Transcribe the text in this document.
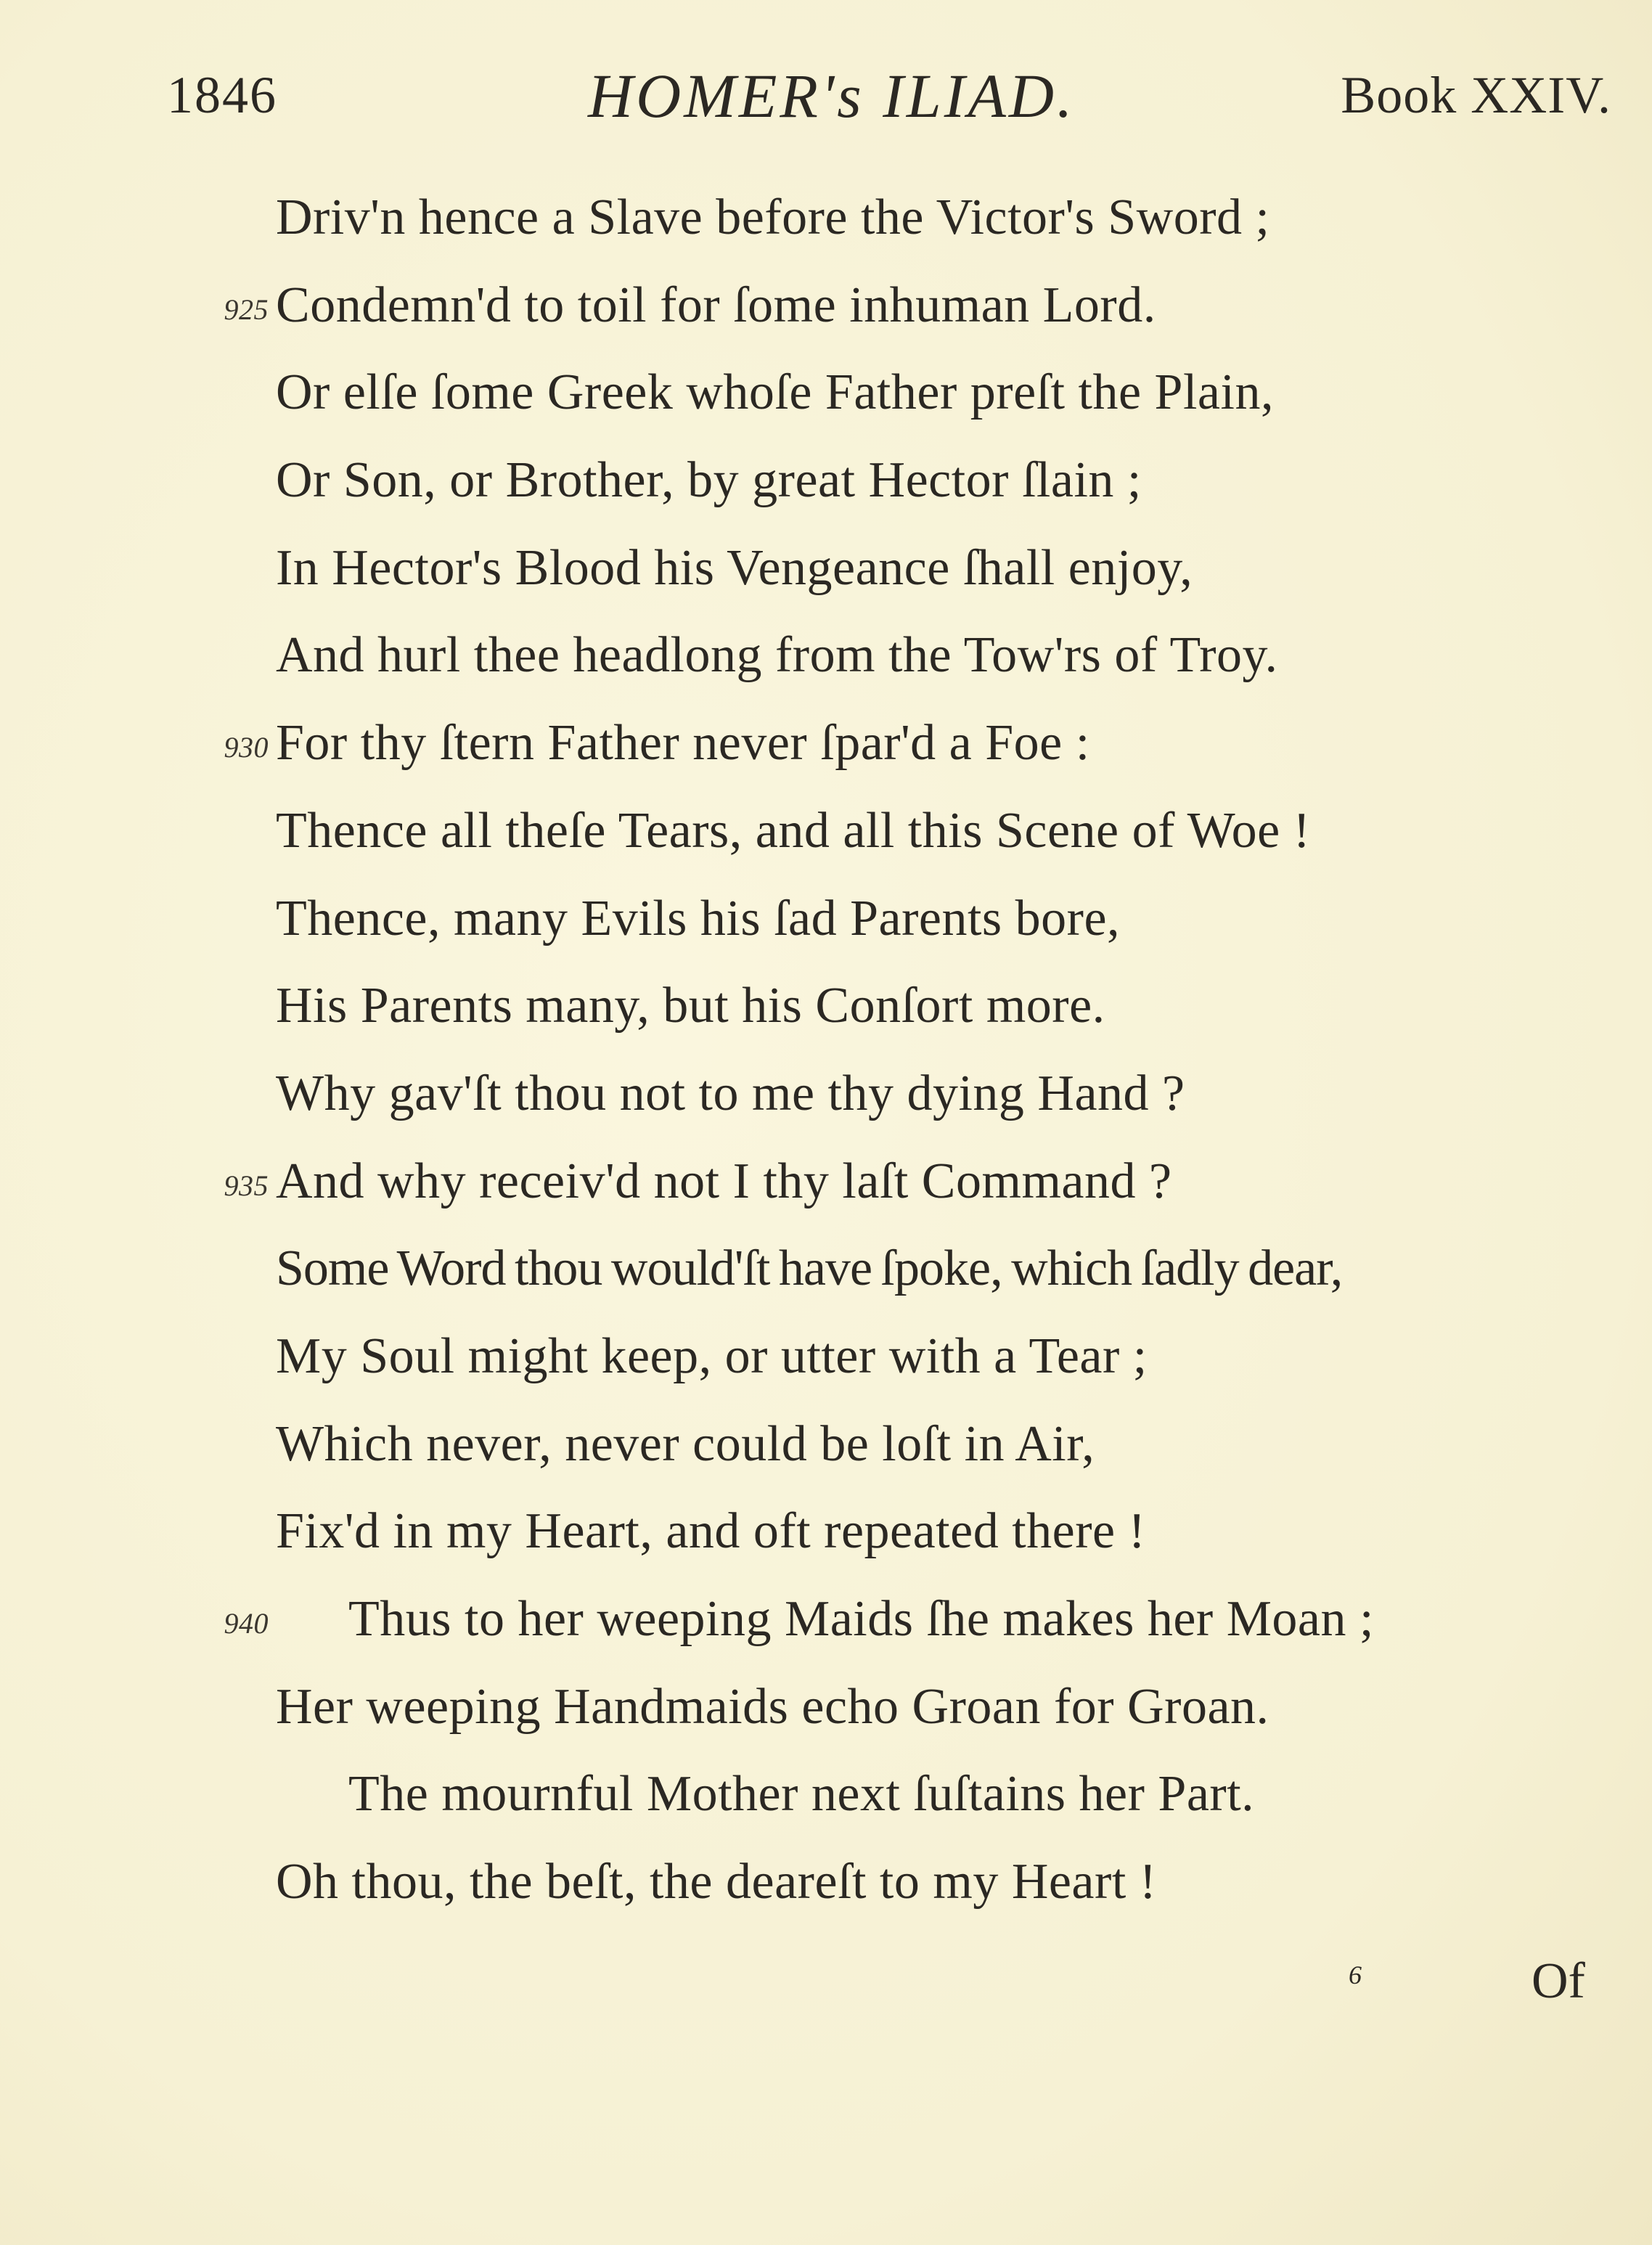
1846	HOMER's ILIAD.	Book XXIV.
Driv'n hence a Slave before the Victor's Sword ;
925 Condemn'd to toil for ſome inhuman Lord.
Or elſe ſome Greek whoſe Father preſt the Plain,
Or Son, or Brother, by great Hector ſlain ;
In Hector's Blood his Vengeance ſhall enjoy,
And hurl thee headlong from the Tow'rs of Troy.
930 For thy ſtern Father never ſpar'd a Foe :
Thence all theſe Tears, and all this Scene of Woe !
Thence, many Evils his ſad Parents bore,
His Parents many, but his Conſort more.
Why gav'ſt thou not to me thy dying Hand ?
935 And why receiv'd not I thy laſt Command ?
Some Word thou would'ſt have ſpoke, which ſadly dear,
My Soul might keep, or utter with a Tear ;
Which never, never could be loſt in Air,
Fix'd in my Heart, and oft repeated there !
940 Thus to her weeping Maids ſhe makes her Moan ;
Her weeping Handmaids echo Groan for Groan.
The mournful Mother next ſuſtains her Part.
Oh thou, the beſt, the deareſt to my Heart !
6	Of
